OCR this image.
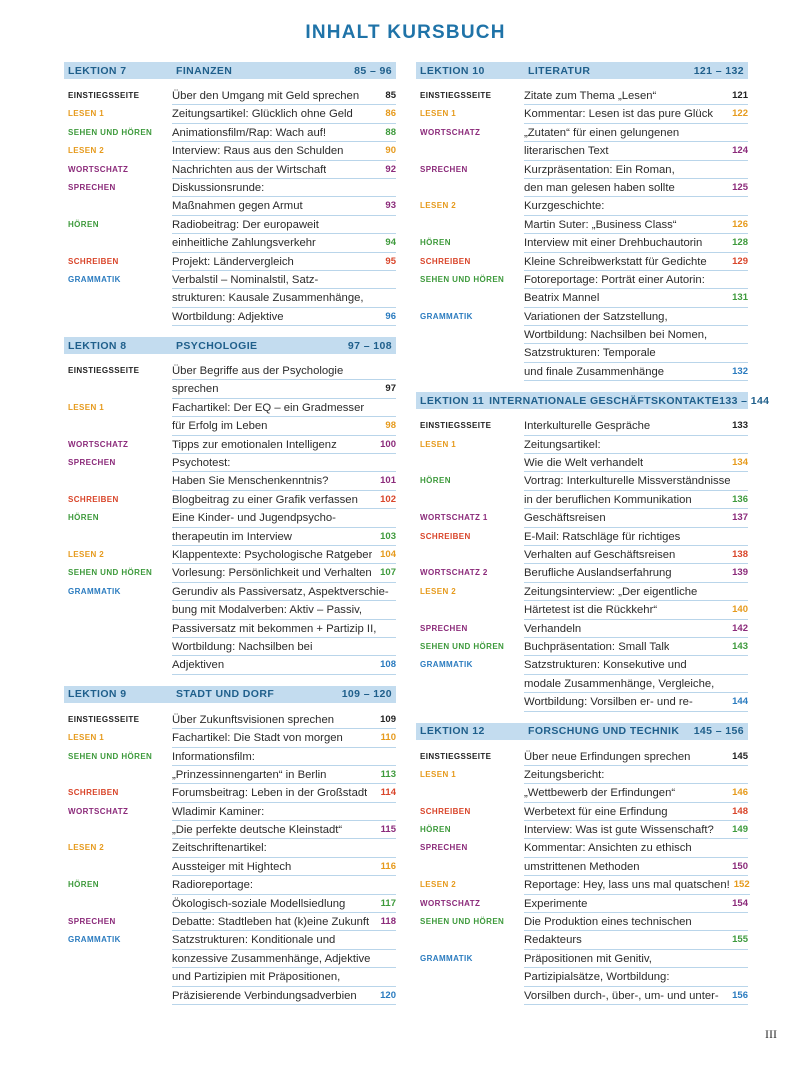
INHALT KURSBUCH
LEKTION 7	FINANZEN	85 – 96
EINSTIEGSSEITE	Über den Umgang mit Geld sprechen	85
LESEN 1	Zeitungsartikel: Glücklich ohne Geld	86
SEHEN UND HÖREN	Animationsfilm/Rap: Wach auf!	88
LESEN 2	Interview: Raus aus den Schulden	90
WORTSCHATZ	Nachrichten aus der Wirtschaft	92
SPRECHEN	Diskussionsrunde:
Maßnahmen gegen Armut	93
HÖREN	Radiobeitrag: Der europaweit
einheitliche Zahlungsverkehr	94
SCHREIBEN	Projekt: Ländervergleich	95
GRAMMATIK	Verbalstil – Nominalstil, Satz-
strukturen: Kausale Zusammenhänge,
Wortbildung: Adjektive	96
LEKTION 8	PSYCHOLOGIE	97 – 108
EINSTIEGSSEITE	Über Begriffe aus der Psychologie
sprechen	97
LESEN 1	Fachartikel: Der EQ – ein Gradmesser
für Erfolg im Leben	98
WORTSCHATZ	Tipps zur emotionalen Intelligenz	100
SPRECHEN	Psychotest:
Haben Sie Menschenkenntnis?	101
SCHREIBEN	Blogbeitrag zu einer Grafik verfassen	102
HÖREN	Eine Kinder- und Jugendpsycho-
therapeutin im Interview	103
LESEN 2	Klappentexte: Psychologische Ratgeber 104
SEHEN UND HÖREN	Vorlesung: Persönlichkeit und Verhalten 107
GRAMMATIK	Gerundiv als Passiversatz, Aspektverschie-
bung mit Modalverben: Aktiv – Passiv,
Passiversatz mit bekommen + Partizip II,
Wortbildung: Nachsilben bei
Adjektiven	108
LEKTION 9	STADT UND DORF	109 – 120
EINSTIEGSSEITE	Über Zukunftsvisionen sprechen	109
LESEN 1	Fachartikel: Die Stadt von morgen	110
SEHEN UND HÖREN	Informationsfilm:
„Prinzessinnengarten“ in Berlin	113
SCHREIBEN	Forumsbeitrag: Leben in der Großstadt	114
WORTSCHATZ	Wladimir Kaminer:
„Die perfekte deutsche Kleinstadt“	115
LESEN 2	Zeitschriftenartikel:
Aussteiger mit Hightech	116
HÖREN	Radioreportage:
Ökologisch-soziale Modellsiedlung	117
SPRECHEN	Debatte: Stadtleben hat (k)eine Zukunft	118
GRAMMATIK	Satzstrukturen: Konditionale und
konzessive Zusammenhänge, Adjektive
und Partizipien mit Präpositionen,
Präzisierende Verbindungsadverbien	120
LEKTION 10	LITERATUR	121 – 132
EINSTIEGSSEITE	Zitate zum Thema „Lesen“	121
LESEN 1	Kommentar: Lesen ist das pure Glück	122
WORTSCHATZ	„Zutaten“ für einen gelungenen
literarischen Text	124
SPRECHEN	Kurzpräsentation: Ein Roman,
den man gelesen haben sollte	125
LESEN 2	Kurzgeschichte:
Martin Suter: „Business Class“	126
HÖREN	Interview mit einer Drehbuchautorin	128
SCHREIBEN	Kleine Schreibwerkstatt für Gedichte	129
SEHEN UND HÖREN	Fotoreportage: Porträt einer Autorin:
Beatrix Mannel	131
GRAMMATIK	Variationen der Satzstellung,
Wortbildung: Nachsilben bei Nomen,
Satzstrukturen: Temporale
und finale Zusammenhänge	132
LEKTION 11 INTERNATIONALE GESCHÄFTSKONTAKTE 133 – 144
EINSTIEGSSEITE	Interkulturelle Gespräche	133
LESEN 1	Zeitungsartikel:
Wie die Welt verhandelt	134
HÖREN	Vortrag: Interkulturelle Missverständnisse
in der beruflichen Kommunikation	136
WORTSCHATZ 1	Geschäftsreisen	137
SCHREIBEN	E-Mail: Ratschläge für richtiges
Verhalten auf Geschäftsreisen	138
WORTSCHATZ 2	Berufliche Auslandserfahrung	139
LESEN 2	Zeitungsinterview: „Der eigentliche
Härtetest ist die Rückkehr“	140
SPRECHEN	Verhandeln	142
SEHEN UND HÖREN	Buchpräsentation: Small Talk	143
GRAMMATIK	Satzstrukturen: Konsekutive und
modale Zusammenhänge, Vergleiche,
Wortbildung: Vorsilben er- und re-	144
LEKTION 12	FORSCHUNG UND TECHNIK	145 – 156
EINSTIEGSSEITE	Über neue Erfindungen sprechen	145
LESEN 1	Zeitungsbericht:
„Wettbewerb der Erfindungen“	146
SCHREIBEN	Werbetext für eine Erfindung	148
HÖREN	Interview: Was ist gute Wissenschaft?	149
SPRECHEN	Kommentar: Ansichten zu ethisch
umstrittenen Methoden	150
LESEN 2	Reportage: Hey, lass uns mal quatschen! 152
WORTSCHATZ	Experimente	154
SEHEN UND HÖREN	Die Produktion eines technischen
Redakteurs	155
GRAMMATIK	Präpositionen mit Genitiv,
Partizipialsätze, Wortbildung:
Vorsilben durch-, über-, um- und unter-	156
III
